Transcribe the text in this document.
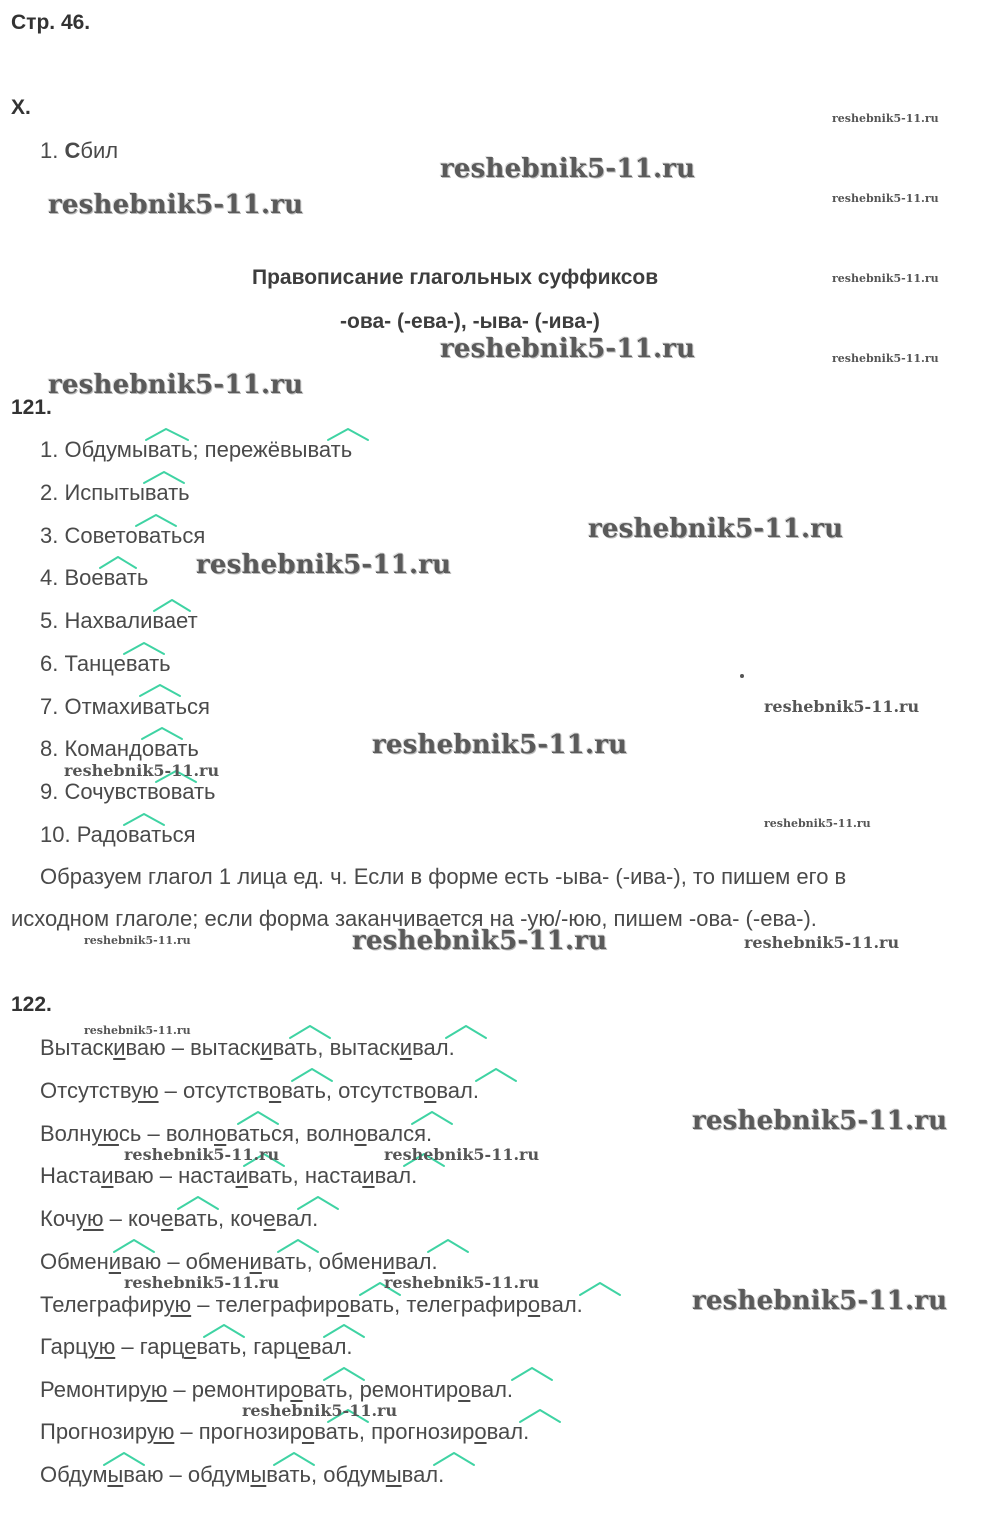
Стр. 46.
X.
1. Сбил
Правописание глагольных суффиксов
-ова- (-ева-), -ыва- (-ива-)
121.
1. Обдумывать; пережёвывать
2. Испытывать
3. Советоваться
4. Воевать
5. Нахваливает
6. Танцевать
7. Отмахиваться
8. Командовать
9. Сочувствовать
10. Радоваться
Образуем глагол 1 лица ед. ч. Если в форме есть -ыва- (-ива-), то пишем его в
исходном глаголе; если форма заканчивается на -ую/-юю, пишем -ова- (-ева-).
122.
Вытаскиваю – вытаскивать, вытаскивал.
Отсутствую – отсутствовать, отсутствовал.
Волнуюсь – волноваться, волновался.
Настаиваю – настаивать, настаивал.
Кочую – кочевать, кочевал.
Обмениваю – обменивать, обменивал.
Телеграфирую – телеграфировать, телеграфировал.
Гарцую – гарцевать, гарцевал.
Ремонтирую – ремонтировать, ремонтировал.
Прогнозирую – прогнозировать, прогнозировал.
Обдумываю – обдумывать, обдумывал.
reshebnik5-11.ru
reshebnik5-11.ru
reshebnik5-11.ru
reshebnik5-11.ru
reshebnik5-11.ru
reshebnik5-11.ru	reshebnik5-11.ru
reshebnik5-11.ru
reshebnik5-11.ru
reshebnik5-11.ru
reshebnik5-11.ru
reshebnik5-11.ru
reshebnik5-11.ru
reshebnik5-11.ru
reshebnik5-11.ru	reshebnik5-11.ru	reshebnik5-11.ru
reshebnik5-11.ru
reshebnik5-11.ru
reshebnik5-11.ru	reshebnik5-11.ru
reshebnik5-11.ru	reshebnik5-11.ru
reshebnik5-11.ru
reshebnik5-11.ru
